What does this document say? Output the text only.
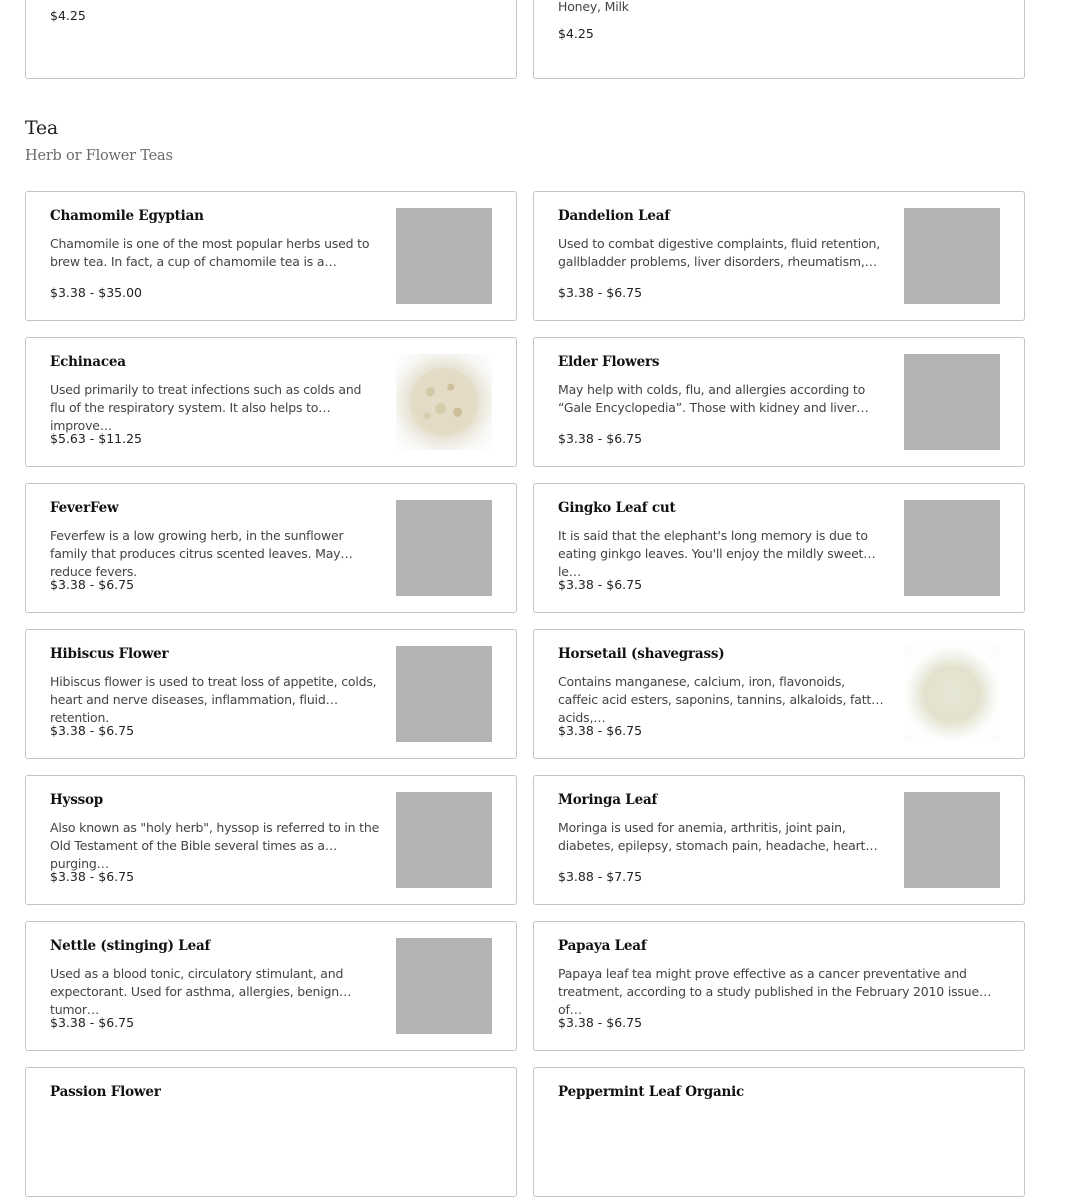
$4.25
Honey, Milk
$4.25
Tea

Herb or Flower Teas

Chamomile Egyptian
Chamomile is one of the most popular herbs used to brew tea. In fact, a cup of chamomile tea is a…
$3.38 - $35.00
Dandelion Leaf
Used to combat digestive complaints, fluid retention, gallbladder problems, liver disorders, rheumatism,…
$3.38 - $6.75
Echinacea
Used primarily to treat infections such as colds and flu of the respiratory system. It also helps to improve…
$5.63 - $11.25
Elder Flowers
May help with colds, flu, and allergies according to “Gale Encyclopedia”. Those with kidney and liver…
$3.38 - $6.75
FeverFew
Feverfew is a low growing herb, in the sunflower family that produces citrus scented leaves. May reduce fevers.
$3.38 - $6.75
Gingko Leaf cut
It is said that the elephant's long memory is due to eating ginkgo leaves. You'll enjoy the mildly sweet le…
$3.38 - $6.75
Hibiscus Flower
Hibiscus flower is used to treat loss of appetite, colds, heart and nerve diseases, inflammation, fluid retention.
$3.38 - $6.75
Horsetail (shavegrass)
Contains manganese, calcium, iron, flavonoids, caffeic acid esters, saponins, tannins, alkaloids, fatty acids,…
$3.38 - $6.75
Hyssop
Also known as "holy herb", hyssop is referred to in the Old Testament of the Bible several times as a purging…
$3.38 - $6.75
Moringa Leaf
Moringa is used for anemia, arthritis, joint pain, diabetes, epilepsy, stomach pain, headache, heart…
$3.88 - $7.75
Nettle (stinging) Leaf
Used as a blood tonic, circulatory stimulant, and expectorant. Used for asthma, allergies, benign tumor…
$3.38 - $6.75
Papaya Leaf
Papaya leaf tea might prove effective as a cancer preventative and treatment, according to a study published in the February 2010 issue of…
$3.38 - $6.75
Passion Flower	Peppermint Leaf Organic
